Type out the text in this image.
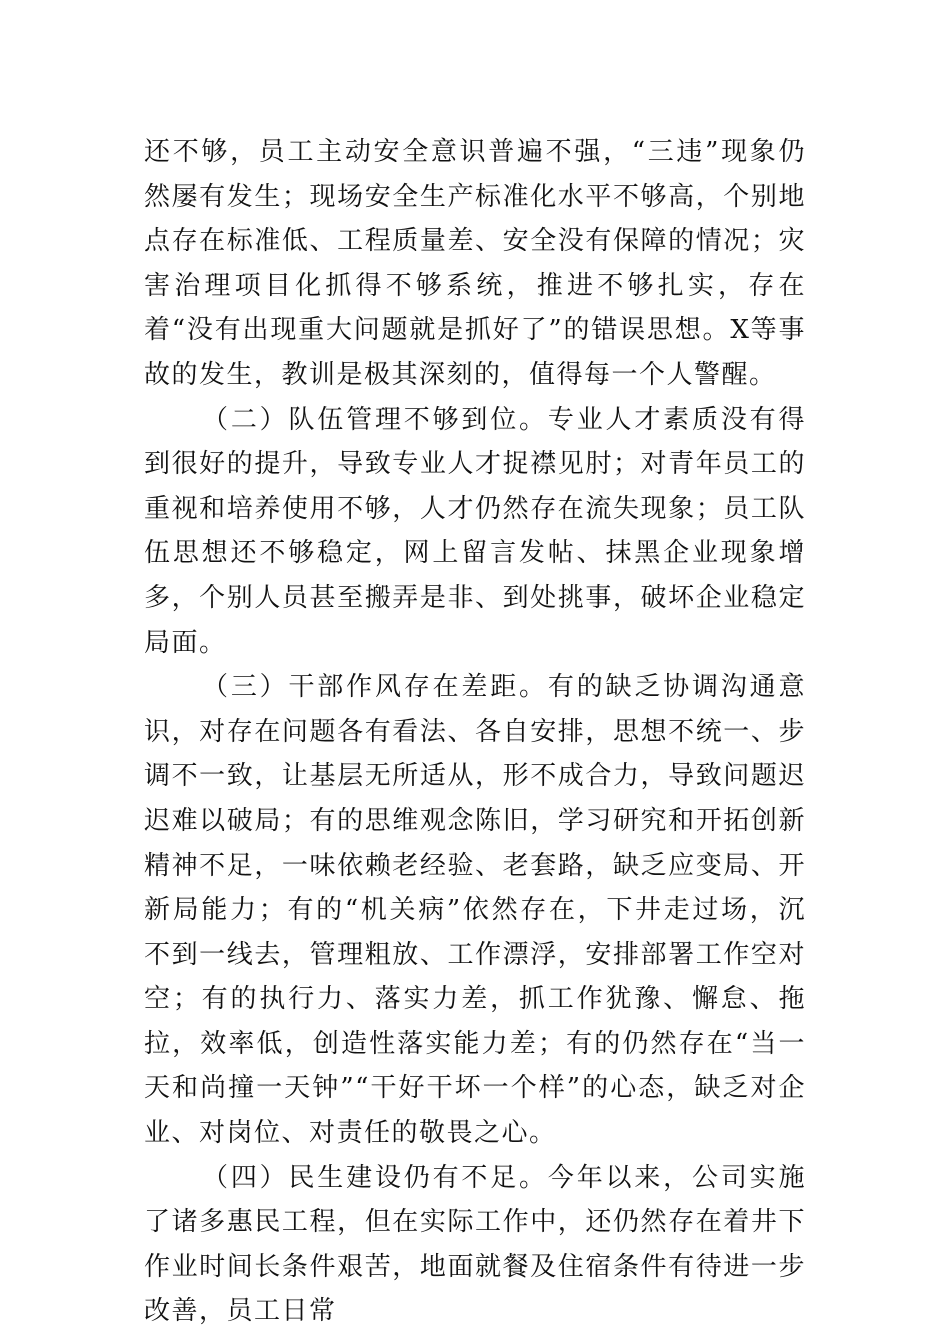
还不够，员工主动安全意识普遍不强，“三违”现象仍然屡有发生；现场安全生产标准化水平不够高，个别地点存在标准低、工程质量差、安全没有保障的情况；灾害治理项目化抓得不够系统，推进不够扎实，存在着“没有出现重大问题就是抓好了”的错误思想。X等事故的发生，教训是极其深刻的，值得每一个人警醒。

（二）队伍管理不够到位。专业人才素质没有得到很好的提升，导致专业人才捉襟见肘；对青年员工的重视和培养使用不够，人才仍然存在流失现象；员工队伍思想还不够稳定，网上留言发帖、抹黑企业现象增多，个别人员甚至搬弄是非、到处挑事，破坏企业稳定局面。

（三）干部作风存在差距。有的缺乏协调沟通意识，对存在问题各有看法、各自安排，思想不统一、步调不一致，让基层无所适从，形不成合力，导致问题迟迟难以破局；有的思维观念陈旧，学习研究和开拓创新精神不足，一味依赖老经验、老套路，缺乏应变局、开新局能力；有的“机关病”依然存在，下井走过场，沉不到一线去，管理粗放、工作漂浮，安排部署工作空对空；有的执行力、落实力差，抓工作犹豫、懈怠、拖拉，效率低，创造性落实能力差；有的仍然存在“当一天和尚撞一天钟”“干好干坏一个样”的心态，缺乏对企业、对岗位、对责任的敬畏之心。

（四）民生建设仍有不足。今年以来，公司实施了诸多惠民工程，但在实际工作中，还仍然存在着井下作业时间长条件艰苦，地面就餐及住宿条件有待进一步改善，员工日常
